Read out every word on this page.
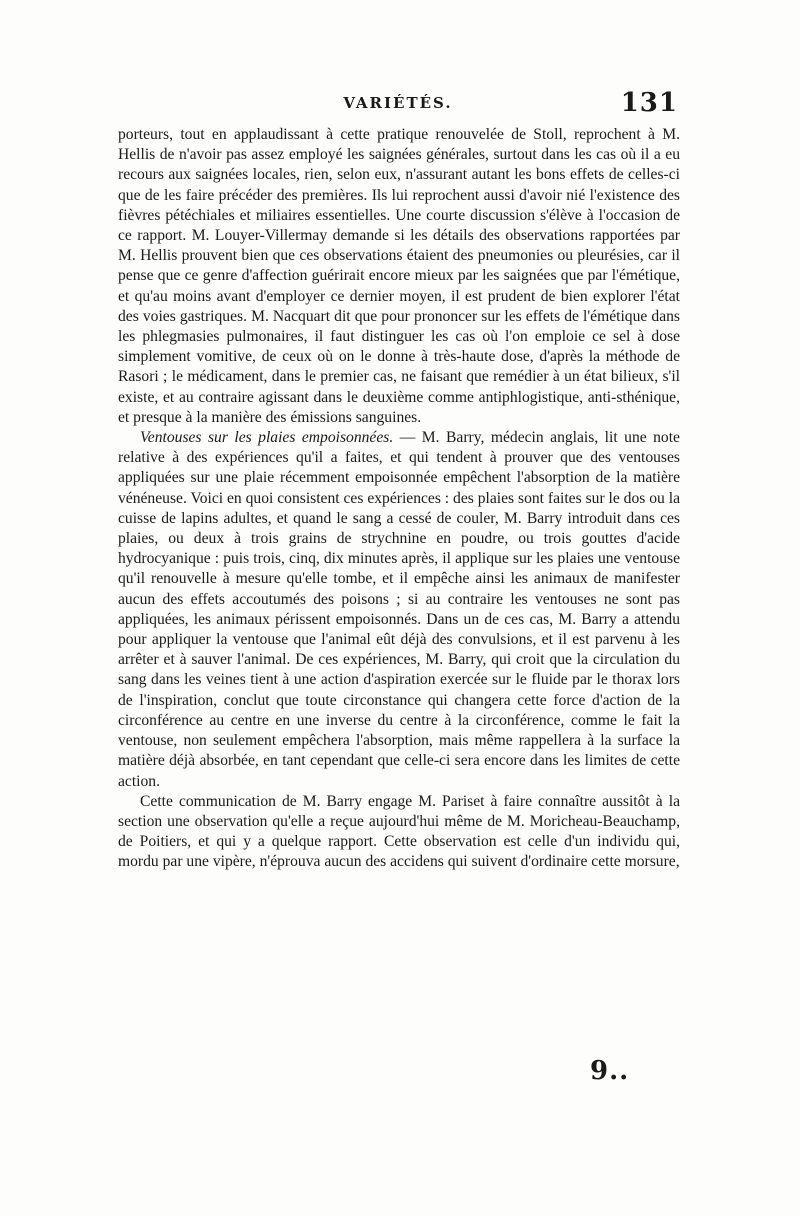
VARIÉTÉS.	131

porteurs, tout en applaudissant à cette pratique renouvelée de Stoll, reprochent à M. Hellis de n'avoir pas assez employé les saignées générales, surtout dans les cas où il a eu recours aux saignées locales, rien, selon eux, n'assurant autant les bons effets de celles-ci que de les faire précéder des premières. Ils lui reprochent aussi d'avoir nié l'existence des fièvres pétéchiales et miliaires essentielles. Une courte discussion s'élève à l'occasion de ce rapport. M. Louyer-Villermay demande si les détails des observations rapportées par M. Hellis prouvent bien que ces observations étaient des pneumonies ou pleurésies, car il pense que ce genre d'affection guérirait encore mieux par les saignées que par l'émétique, et qu'au moins avant d'employer ce dernier moyen, il est prudent de bien explorer l'état des voies gastriques. M. Nacquart dit que pour prononcer sur les effets de l'émétique dans les phlegmasies pulmonaires, il faut distinguer les cas où l'on emploie ce sel à dose simplement vomitive, de ceux où on le donne à très-haute dose, d'après la méthode de Rasori ; le médicament, dans le premier cas, ne faisant que remédier à un état bilieux, s'il existe, et au contraire agissant dans le deuxième comme antiphlogistique, anti-sthénique, et presque à la manière des émissions sanguines.

Ventouses sur les plaies empoisonnées. — M. Barry, médecin anglais, lit une note relative à des expériences qu'il a faites, et qui tendent à prouver que des ventouses appliquées sur une plaie récemment empoisonnée empêchent l'absorption de la matière vénéneuse. Voici en quoi consistent ces expériences : des plaies sont faites sur le dos ou la cuisse de lapins adultes, et quand le sang a cessé de couler, M. Barry introduit dans ces plaies, ou deux à trois grains de strychnine en poudre, ou trois gouttes d'acide hydrocyanique : puis trois, cinq, dix minutes après, il applique sur les plaies une ventouse qu'il renouvelle à mesure qu'elle tombe, et il empêche ainsi les animaux de manifester aucun des effets accoutumés des poisons ; si au contraire les ventouses ne sont pas appliquées, les animaux périssent empoisonnés. Dans un de ces cas, M. Barry a attendu pour appliquer la ventouse que l'animal eût déjà des convulsions, et il est parvenu à les arrêter et à sauver l'animal. De ces expériences, M. Barry, qui croit que la circulation du sang dans les veines tient à une action d'aspiration exercée sur le fluide par le thorax lors de l'inspiration, conclut que toute circonstance qui changera cette force d'action de la circonférence au centre en une inverse du centre à la circonférence, comme le fait la ventouse, non seulement empêchera l'absorption, mais même rappellera à la surface la matière déjà absorbée, en tant cependant que celle-ci sera encore dans les limites de cette action.

Cette communication de M. Barry engage M. Pariset à faire connaître aussitôt à la section une observation qu'elle a reçue aujourd'hui même de M. Moricheau-Beauchamp, de Poitiers, et qui y a quelque rapport. Cette observation est celle d'un individu qui, mordu par une vipère, n'éprouva aucun des accidens qui suivent d'ordinaire cette morsure,

9..
